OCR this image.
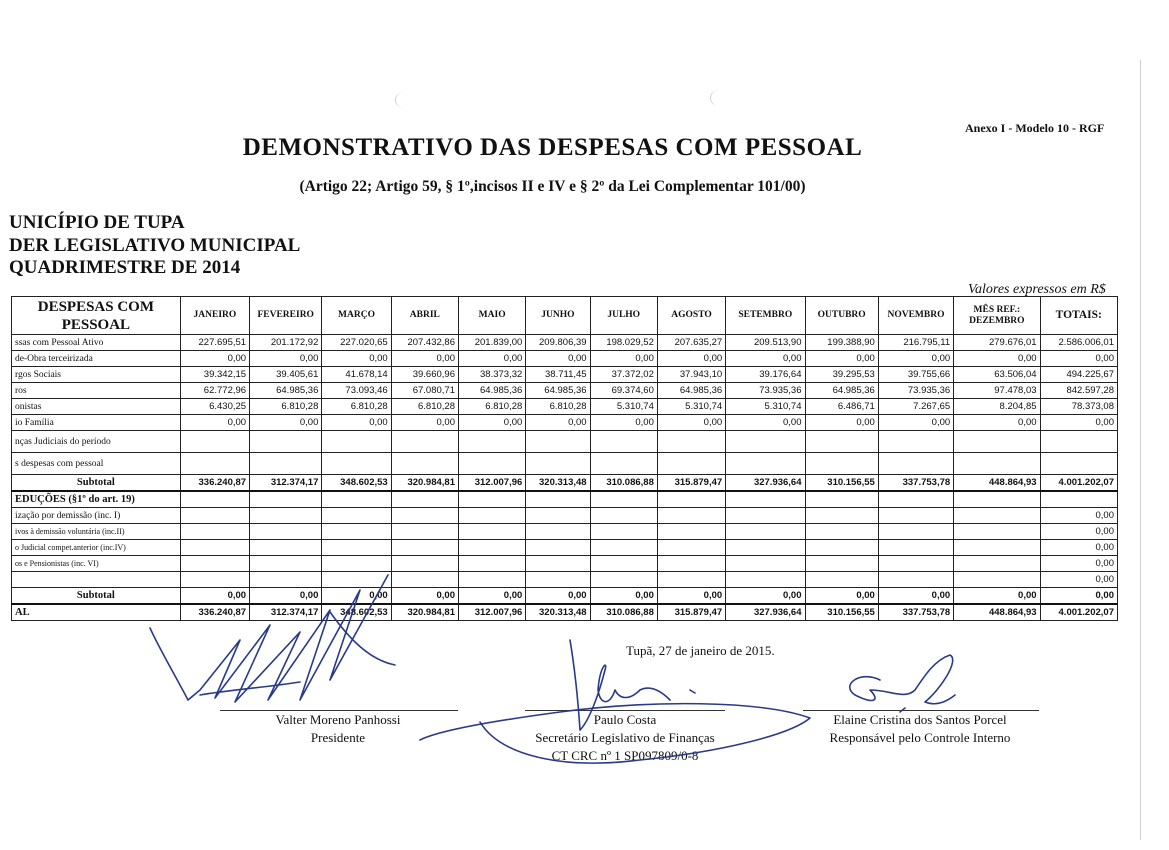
Anexo I - Modelo 10 - RGF
DEMONSTRATIVO DAS DESPESAS COM PESSOAL
(Artigo 22; Artigo 59, § 1º,incisos II e IV e § 2º da Lei Complementar 101/00)
UNICÍPIO DE TUPA
DER LEGISLATIVO MUNICIPAL
QUADRIMESTRE DE 2014
Valores expressos em R$
DESPESAS COM PESSOAL	JANEIRO	FEVEREIRO	MARÇO	ABRIL	MAIO	JUNHO	JULHO	AGOSTO	SETEMBRO	OUTUBRO	NOVEMBRO	MÊS REF.: DEZEMBRO	TOTAIS:
ssas com Pessoal Ativo	227.695,51	201.172,92	227.020,65	207.432,86	201.839,00	209.806,39	198.029,52	207.635,27	209.513,90	199.388,90	216.795,11	279.676,01	2.586.006,01
de-Obra terceirizada	0,00	0,00	0,00	0,00	0,00	0,00	0,00	0,00	0,00	0,00	0,00	0,00	0,00
rgos Sociais	39.342,15	39.405,61	41.678,14	39.660,96	38.373,32	38.711,45	37.372,02	37.943,10	39.176,64	39.295,53	39.755,66	63.506,04	494.225,67
ros	62.772,96	64.985,36	73.093,46	67.080,71	64.985,36	64.985,36	69.374,60	64.985,36	73.935,36	64.985,36	73.935,36	97.478,03	842.597,28
onistas	6.430,25	6.810,28	6.810,28	6.810,28	6.810,28	6.810,28	5.310,74	5.310,74	5.310,74	6.486,71	7.267,65	8.204,85	78.373,08
io Família	0,00	0,00	0,00	0,00	0,00	0,00	0,00	0,00	0,00	0,00	0,00	0,00	0,00
nças Judiciais do período													
s despesas com pessoal													
Subtotal	336.240,87	312.374,17	348.602,53	320.984,81	312.007,96	320.313,48	310.086,88	315.879,47	327.936,64	310.156,55	337.753,78	448.864,93	4.001.202,07
EDUÇÕES (§1º do art. 19)													
ização por demissão (inc. I)													0,00
ivos à demissão voluntária (inc.II)													0,00
o Judicial compet.anterior (inc.IV)													0,00
os e Pensionistas (inc. VI)													0,00
													0,00
Subtotal	0,00	0,00	0,00	0,00	0,00	0,00	0,00	0,00	0,00	0,00	0,00	0,00	0,00
AL	336.240,87	312.374,17	348.602,53	320.984,81	312.007,96	320.313,48	310.086,88	315.879,47	327.936,64	310.156,55	337.753,78	448.864,93	4.001.202,07
Tupã, 27 de janeiro de 2015.
Valter Moreno Panhossi
Presidente
Paulo Costa
Secretário Legislativo de Finanças
CT CRC nº 1 SP097809/0-8
Elaine Cristina dos Santos Porcel
Responsável pelo Controle Interno
